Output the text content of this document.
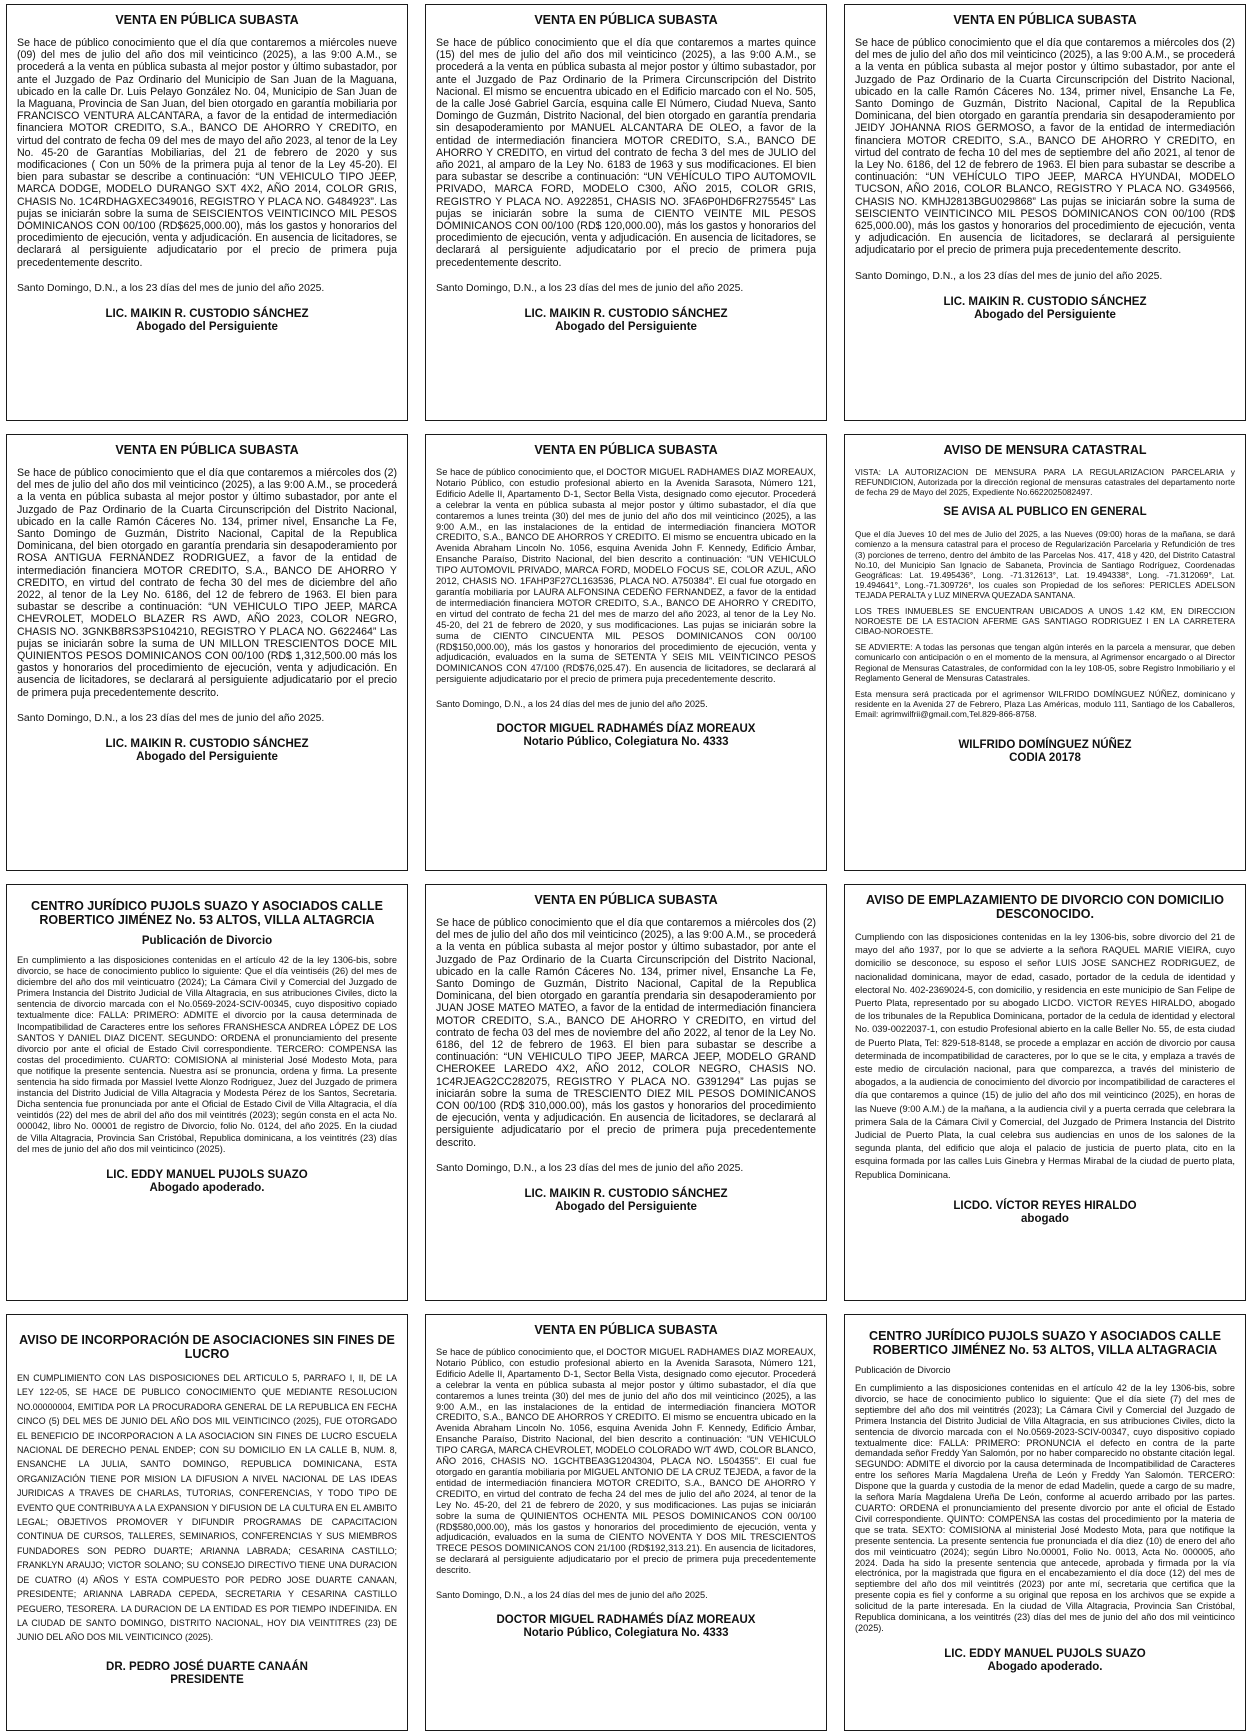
VENTA EN PÚBLICA SUBASTA

Se hace de público conocimiento que el día que contaremos a miércoles nueve (09) del mes de julio del año dos mil veinticinco (2025), a las 9:00 A.M., se procederá a la venta en pública subasta al mejor postor y último subastador, por ante el Juzgado de Paz Ordinario del Municipio de San Juan de la Maguana, ubicado en la calle Dr. Luis Pelayo González No. 04, Municipio de San Juan de la Maguana, Provincia de San Juan, del bien otorgado en garantía mobiliaria por FRANCISCO VENTURA ALCANTARA, a favor de la entidad de intermediación financiera MOTOR CREDITO, S.A., BANCO DE AHORRO Y CREDITO, en virtud del contrato de fecha 09 del mes de mayo del año 2023, al tenor de la Ley No. 45-20 de Garantías Mobiliarias, del 21 de febrero de 2020 y sus modificaciones ( Con un 50% de la primera puja al tenor de la Ley 45-20). El bien para subastar se describe a continuación: “UN VEHICULO TIPO JEEP, MARCA DODGE, MODELO DURANGO SXT 4X2, AÑO 2014, COLOR GRIS, CHASIS No. 1C4RDHAGXEC349016, REGISTRO Y PLACA NO. G484923”. Las pujas se iniciarán sobre la suma de SEISCIENTOS VEINTICINCO MIL PESOS DOMINICANOS CON 00/100 (RD$625,000.00), más los gastos y honorarios del procedimiento de ejecución, venta y adjudicación. En ausencia de licitadores, se declarará al persiguiente adjudicatario por el precio de primera puja precedentemente descrito.

Santo Domingo, D.N., a los 23 días del mes de junio del año 2025.
LIC. MAIKIN R. CUSTODIO SÁNCHEZ
Abogado del Persiguiente
VENTA EN PÚBLICA SUBASTA

Se hace de público conocimiento que el día que contaremos a martes quince (15) del mes de julio del año dos mil veinticinco (2025), a las 9:00 A.M., se procederá a la venta en pública subasta al mejor postor y último subastador, por ante el Juzgado de Paz Ordinario de la Primera Circunscripción del Distrito Nacional. El mismo se encuentra ubicado en el Edificio marcado con el No. 505, de la calle José Gabriel García, esquina calle El Número, Ciudad Nueva, Santo Domingo de Guzmán, Distrito Nacional, del bien otorgado en garantía prendaria sin desapoderamiento por MANUEL ALCANTARA DE OLEO, a favor de la entidad de intermediación financiera MOTOR CREDITO, S.A., BANCO DE AHORRO Y CREDITO, en virtud del contrato de fecha 3 del mes de JULIO del año 2021, al amparo de la Ley No. 6183 de 1963 y sus modificaciones. El bien para subastar se describe a continuación: “UN VEHÍCULO TIPO AUTOMOVIL PRIVADO, MARCA FORD, MODELO C300, AÑO 2015, COLOR GRIS, REGISTRO Y PLACA NO. A922851, CHASIS NO. 3FA6P0HD6FR275545” Las pujas se iniciarán sobre la suma de CIENTO VEINTE MIL PESOS DOMINICANOS CON 00/100 (RD$ 120,000.00), más los gastos y honorarios del procedimiento de ejecución, venta y adjudicación. En ausencia de licitadores, se declarará al persiguiente adjudicatario por el precio de primera puja precedentemente descrito.

Santo Domingo, D.N., a los 23 días del mes de junio del año 2025.
LIC. MAIKIN R. CUSTODIO SÁNCHEZ
Abogado del Persiguiente
VENTA EN PÚBLICA SUBASTA

Se hace de público conocimiento que el día que contaremos a miércoles dos (2) del mes de julio del año dos mil veinticinco (2025), a las 9:00 A.M., se procederá a la venta en pública subasta al mejor postor y último subastador, por ante el Juzgado de Paz Ordinario de la Cuarta Circunscripción del Distrito Nacional, ubicado en la calle Ramón Cáceres No. 134, primer nivel, Ensanche La Fe, Santo Domingo de Guzmán, Distrito Nacional, Capital de la Republica Dominicana, del bien otorgado en garantía prendaria sin desapoderamiento por JEIDY JOHANNA RIOS GERMOSO, a favor de la entidad de intermediación financiera MOTOR CREDITO, S.A., BANCO DE AHORRO Y CREDITO, en virtud del contrato de fecha 10 del mes de septiembre del año 2021, al tenor de la Ley No. 6186, del 12 de febrero de 1963. El bien para subastar se describe a continuación: “UN VEHÍCULO TIPO JEEP, MARCA HYUNDAI, MODELO TUCSON, AÑO 2016, COLOR BLANCO, REGISTRO Y PLACA NO. G349566, CHASIS NO. KMHJ2813BGU029868” Las pujas se iniciarán sobre la suma de SEISCIENTO VEINTICINCO MIL PESOS DOMINICANOS CON 00/100 (RD$ 625,000.00), más los gastos y honorarios del procedimiento de ejecución, venta y adjudicación. En ausencia de licitadores, se declarará al persiguiente adjudicatario por el precio de primera puja precedentemente descrito.

Santo Domingo, D.N., a los 23 días del mes de junio del año 2025.
LIC. MAIKIN R. CUSTODIO SÁNCHEZ
Abogado del Persiguiente
VENTA EN PÚBLICA SUBASTA

Se hace de público conocimiento que el día que contaremos a miércoles dos (2) del mes de julio del año dos mil veinticinco (2025), a las 9:00 A.M., se procederá a la venta en pública subasta al mejor postor y último subastador, por ante el Juzgado de Paz Ordinario de la Cuarta Circunscripción del Distrito Nacional, ubicado en la calle Ramón Cáceres No. 134, primer nivel, Ensanche La Fe, Santo Domingo de Guzmán, Distrito Nacional, Capital de la Republica Dominicana, del bien otorgado en garantía prendaria sin desapoderamiento por ROSA ANTIGUA FERNANDEZ RODRIGUEZ, a favor de la entidad de intermediación financiera MOTOR CREDITO, S.A., BANCO DE AHORRO Y CREDITO, en virtud del contrato de fecha 30 del mes de diciembre del año 2022, al tenor de la Ley No. 6186, del 12 de febrero de 1963. El bien para subastar se describe a continuación: “UN VEHICULO TIPO JEEP, MARCA CHEVROLET, MODELO BLAZER RS AWD, AÑO 2023, COLOR NEGRO, CHASIS NO. 3GNKB8RS3PS104210, REGISTRO Y PLACA NO. G622464” Las pujas se iniciarán sobre la suma de UN MILLON TRESCIENTOS DOCE MIL QUINIENTOS PESOS DOMINICANOS CON 00/100 (RD$ 1,312,500.00 más los gastos y honorarios del procedimiento de ejecución, venta y adjudicación. En ausencia de licitadores, se declarará al persiguiente adjudicatario por el precio de primera puja precedentemente descrito.

Santo Domingo, D.N., a los 23 días del mes de junio del año 2025.
LIC. MAIKIN R. CUSTODIO SÁNCHEZ
Abogado del Persiguiente
VENTA EN PÚBLICA SUBASTA

Se hace de público conocimiento que, el DOCTOR MIGUEL RADHAMES DIAZ MOREAUX, Notario Público, con estudio profesional abierto en la Avenida Sarasota, Número 121, Edificio Adelle II, Apartamento D-1, Sector Bella Vista, designado como ejecutor. Procederá a celebrar la venta en pública subasta al mejor postor y último subastador, el día que contaremos a lunes treinta (30) del mes de junio del año dos mil veinticinco (2025), a las 9:00 A.M., en las instalaciones de la entidad de intermediación financiera MOTOR CREDITO, S.A., BANCO DE AHORROS Y CREDITO. El mismo se encuentra ubicado en la Avenida Abraham Lincoln No. 1056, esquina Avenida John F. Kennedy, Edificio Ámbar, Ensanche Paraíso, Distrito Nacional, del bien descrito a continuación: “UN VEHICULO TIPO AUTOMOVIL PRIVADO, MARCA FORD, MODELO FOCUS SE, COLOR AZUL, AÑO 2012, CHASIS NO. 1FAHP3F27CL163536, PLACA NO. A750384”. El cual fue otorgado en garantía mobiliaria por LAURA ALFONSINA CEDEÑO FERNANDEZ, a favor de la entidad de intermediación financiera MOTOR CREDITO, S.A., BANCO DE AHORRO Y CREDITO, en virtud del contrato de fecha 21 del mes de marzo del año 2023, al tenor de la Ley No. 45-20, del 21 de febrero de 2020, y sus modificaciones. Las pujas se iniciarán sobre la suma de CIENTO CINCUENTA MIL PESOS DOMINICANOS CON 00/100 (RD$150,000.00), más los gastos y honorarios del procedimiento de ejecución, venta y adjudicación, evaluados en la suma de SETENTA Y SEIS MIL VEINTICINCO PESOS DOMINICANOS CON 47/100 (RD$76,025.47). En ausencia de licitadores, se declarará al persiguiente adjudicatario por el precio de primera puja precedentemente descrito.

Santo Domingo, D.N., a los 24 días del mes de junio del año 2025.
DOCTOR MIGUEL RADHAMÉS DÍAZ MOREAUX
Notario Público, Colegiatura No. 4333
AVISO DE MENSURA CATASTRAL

VISTA: LA AUTORIZACION DE MENSURA PARA LA REGULARIZACION PARCELARIA y REFUNDICION, Autorizada por la dirección regional de mensuras catastrales del departamento norte de fecha 29 de Mayo del 2025, Expediente No.6622025082497.

SE AVISA AL PUBLICO EN GENERAL

Que el día Jueves 10 del mes de Julio del 2025, a las Nueves (09:00) horas de la mañana, se dará comienzo a la mensura catastral para el proceso de Regularización Parcelaria y Refundición de tres (3) porciones de terreno, dentro del ámbito de las Parcelas Nos. 417, 418 y 420, del Distrito Catastral No.10, del Municipio San Ignacio de Sabaneta, Provincia de Santiago Rodríguez, Coordenadas Geográficas: Lat. 19.495436°, Long. -71.312613°, Lat. 19.494338°, Long. -71.312069°, Lat. 19.494641°, Long.-71.309726°, los cuales son Propiedad de los señores: PERICLES ADELSON TEJADA PERALTA y LUZ MINERVA QUEZADA SANTANA.

LOS TRES INMUEBLES SE ENCUENTRAN UBICADOS A UNOS 1.42 KM, EN DIRECCION NOROESTE DE LA ESTACION AFERME GAS SANTIAGO RODRIGUEZ I EN LA CARRETERA CIBAO-NOROESTE.

SE ADVIERTE: A todas las personas que tengan algún interés en la parcela a mensurar, que deben comunicarlo con anticipación o en el momento de la mensura, al Agrimensor encargado o al Director Regional de Mensuras Catastrales, de conformidad con la ley 108-05, sobre Registro Inmobiliario y el Reglamento General de Mensuras Catastrales.

Esta mensura será practicada por el agrimensor WILFRIDO DOMÍNGUEZ NÚÑEZ, dominicano y residente en la Avenida 27 de Febrero, Plaza Las Américas, modulo 111, Santiago de los Caballeros, Email: agrimwilfrii@gmail.com,Tel.829-866-8758.

WILFRIDO DOMÍNGUEZ NÚÑEZ
CODIA 20178
CENTRO JURÍDICO PUJOLS SUAZO Y ASOCIADOS CALLE ROBERTICO JIMÉNEZ No. 53 ALTOS, VILLA ALTAGRCIA
Publicación de Divorcio

En cumplimiento a las disposiciones contenidas en el artículo 42 de la ley 1306-bis, sobre divorcio, se hace de conocimiento publico lo siguiente: Que el día veintiséis (26) del mes de diciembre del año dos mil veinticuatro (2024); La Cámara Civil y Comercial del Juzgado de Primera Instancia del Distrito Judicial de Villa Altagracia, en sus atribuciones Civiles, dicto la sentencia de divorcio marcada con el No.0569-2024-SCIV-00345, cuyo dispositivo copiado textualmente dice: FALLA: PRIMERO: ADMITE el divorcio por la causa determinada de Incompatibilidad de Caracteres entre los señores FRANSHESCA ANDREA LÓPEZ DE LOS SANTOS Y DANIEL DIAZ DICENT. SEGUNDO: ORDENA el pronunciamiento del presente divorcio por ante el oficial de Estado Civil correspondiente. TERCERO: COMPENSA las costas del procedimiento. CUARTO: COMISIONA al ministerial José Modesto Mota, para que notifique la presente sentencia. Nuestra así se pronuncia, ordena y firma. La presente sentencia ha sido firmada por Massiel Ivette Alonzo Rodriguez, Juez del Juzgado de primera instancia del Distrito Judicial de Villa Altagracia y Modesta Pérez de los Santos, Secretaria. Dicha sentencia fue pronunciada por ante el Oficial de Estado Civil de Villa Altagracia, el día veintidós (22) del mes de abril del año dos mil veintitrés (2023); según consta en el acta No. 000042, libro No. 00001 de registro de Divorcio, folio No. 0124, del año 2025. En la ciudad de Villa Altagracia, Provincia San Cristóbal, Republica dominicana, a los veintitrés (23) días del mes de junio del año dos mil veinticinco (2025).

LIC. EDDY MANUEL PUJOLS SUAZO
Abogado apoderado.
VENTA EN PÚBLICA SUBASTA

Se hace de público conocimiento que el día que contaremos a miércoles dos (2) del mes de julio del año dos mil veinticinco (2025), a las 9:00 A.M., se procederá a la venta en pública subasta al mejor postor y último subastador, por ante el Juzgado de Paz Ordinario de la Cuarta Circunscripción del Distrito Nacional, ubicado en la calle Ramón Cáceres No. 134, primer nivel, Ensanche La Fe, Santo Domingo de Guzmán, Distrito Nacional, Capital de la Republica Dominicana, del bien otorgado en garantía prendaria sin desapoderamiento por JUAN JOSE MATEO MATEO, a favor de la entidad de intermediación financiera MOTOR CREDITO, S.A., BANCO DE AHORRO Y CREDITO, en virtud del contrato de fecha 03 del mes de noviembre del año 2022, al tenor de la Ley No. 6186, del 12 de febrero de 1963. El bien para subastar se describe a continuación: “UN VEHICULO TIPO JEEP, MARCA JEEP, MODELO GRAND CHEROKEE LAREDO 4X2, AÑO 2012, COLOR NEGRO, CHASIS NO. 1C4RJEAG2CC282075, REGISTRO Y PLACA NO. G391294” Las pujas se iniciarán sobre la suma de TRESCIENTO DIEZ MIL PESOS DOMINICANOS CON 00/100 (RD$ 310,000.00), más los gastos y honorarios del procedimiento de ejecución, venta y adjudicación. En ausencia de licitadores, se declarará al persiguiente adjudicatario por el precio de primera puja precedentemente descrito.

Santo Domingo, D.N., a los 23 días del mes de junio del año 2025.
LIC. MAIKIN R. CUSTODIO SÁNCHEZ
Abogado del Persiguiente
AVISO DE EMPLAZAMIENTO DE DIVORCIO CON DOMICILIO DESCONOCIDO.

Cumpliendo con las disposiciones contenidas en la ley 1306-bis, sobre divorcio del 21 de mayo del año 1937, por lo que se advierte a la señora RAQUEL MARIE VIEIRA, cuyo domicilio se desconoce, su esposo el señor LUIS JOSE SANCHEZ RODRIGUEZ, de nacionalidad dominicana, mayor de edad, casado, portador de la cedula de identidad y electoral No. 402-2369024-5, con domicilio, y residencia en este municipio de San Felipe de Puerto Plata, representado por su abogado LICDO. VICTOR REYES HIRALDO, abogado de los tribunales de la Republica Dominicana, portador de la cedula de identidad y electoral No. 039-0022037-1, con estudio Profesional abierto en la calle Beller No. 55, de esta ciudad de Puerto Plata, Tel: 829-518-8148, se procede a emplazar en acción de divorcio por causa determinada de incompatibilidad de caracteres, por lo que se le cita, y emplaza a través de este medio de circulación nacional, para que comparezca, a través del ministerio de abogados, a la audiencia de conocimiento del divorcio por incompatibilidad de caracteres el día que contaremos a quince (15) de julio del año dos mil veinticinco (2025), en horas de las Nueve (9:00 A.M.) de la mañana, a la audiencia civil y a puerta cerrada que celebrara la primera Sala de la Cámara Civil y Comercial, del Juzgado de Primera Instancia del Distrito Judicial de Puerto Plata, la cual celebra sus audiencias en unos de los salones de la segunda planta, del edificio que aloja el palacio de justicia de puerto plata, cito en la esquina formada por las calles Luis Ginebra y Hermas Mirabal de la ciudad de puerto plata, Republica Dominicana.

LICDO. VÍCTOR REYES HIRALDO
abogado
AVISO DE INCORPORACIÓN DE ASOCIACIONES SIN FINES DE LUCRO

EN CUMPLIMIENTO CON LAS DISPOSICIONES DEL ARTICULO 5, PARRAFO I, II, DE LA LEY 122-05, SE HACE DE PUBLICO CONOCIMIENTO QUE MEDIANTE RESOLUCION NO.00000004, EMITIDA POR LA PROCURADORA GENERAL DE LA REPUBLICA EN FECHA CINCO (5) DEL MES DE JUNIO DEL AÑO DOS MIL VEINTICINCO (2025), FUE OTORGADO EL BENEFICIO DE INCORPORACION A LA ASOCIACION SIN FINES DE LUCRO ESCUELA NACIONAL DE DERECHO PENAL ENDEP; CON SU DOMICILIO EN LA CALLE B, NUM. 8, ENSANCHE LA JULIA, SANTO DOMINGO, REPUBLICA DOMINICANA, ESTA ORGANIZACIÓN TIENE POR MISION LA DIFUSION A NIVEL NACIONAL DE LAS IDEAS JURIDICAS A TRAVES DE CHARLAS, TUTORIAS, CONFERENCIAS, Y TODO TIPO DE EVENTO QUE CONTRIBUYA A LA EXPANSION Y DIFUSION DE LA CULTURA EN EL AMBITO LEGAL; OBJETIVOS PROMOVER Y DIFUNDIR PROGRAMAS DE CAPACITACION CONTINUA DE CURSOS, TALLERES, SEMINARIOS, CONFERENCIAS Y SUS MIEMBROS FUNDADORES SON PEDRO DUARTE; ARIANNA LABRADA; CESARINA CASTILLO; FRANKLYN ARAUJO; VICTOR SOLANO; SU CONSEJO DIRECTIVO TIENE UNA DURACION DE CUATRO (4) AÑOS Y ESTA COMPUESTO POR PEDRO JOSE DUARTE CANAAN, PRESIDENTE; ARIANNA LABRADA CEPEDA, SECRETARIA Y CESARINA CASTILLO PEGUERO, TESORERA. LA DURACION DE LA ENTIDAD ES POR TIEMPO INDEFINIDA. EN LA CIUDAD DE SANTO DOMINGO, DISTRITO NACIONAL, HOY DIA VEINTITRES (23) DE JUNIO DEL AÑO DOS MIL VEINTICINCO (2025).

DR. PEDRO JOSÉ DUARTE CANAÁN
PRESIDENTE
VENTA EN PÚBLICA SUBASTA

Se hace de público conocimiento que, el DOCTOR MIGUEL RADHAMES DIAZ MOREAUX, Notario Público, con estudio profesional abierto en la Avenida Sarasota, Número 121, Edificio Adelle II, Apartamento D-1, Sector Bella Vista, designado como ejecutor. Procederá a celebrar la venta en pública subasta al mejor postor y último subastador, el día que contaremos a lunes treinta (30) del mes de junio del año dos mil veinticinco (2025), a las 9:00 A.M., en las instalaciones de la entidad de intermediación financiera MOTOR CREDITO, S.A., BANCO DE AHORROS Y CREDITO. El mismo se encuentra ubicado en la Avenida Abraham Lincoln No. 1056, esquina Avenida John F. Kennedy, Edificio Ámbar, Ensanche Paraíso, Distrito Nacional, del bien descrito a continuación: “UN VEHICULO TIPO CARGA, MARCA CHEVROLET, MODELO COLORADO W/T 4WD, COLOR BLANCO, AÑO 2016, CHASIS NO. 1GCHTBEA3G1204304, PLACA NO. L504355”. El cual fue otorgado en garantía mobiliaria por MIGUEL ANTONIO DE LA CRUZ TEJEDA, a favor de la entidad de intermediación financiera MOTOR CREDITO, S.A., BANCO DE AHORRO Y CREDITO, en virtud del contrato de fecha 24 del mes de julio del año 2024, al tenor de la Ley No. 45-20, del 21 de febrero de 2020, y sus modificaciones. Las pujas se iniciarán sobre la suma de QUINIENTOS OCHENTA MIL PESOS DOMINICANOS CON 00/100 (RD$580,000.00), más los gastos y honorarios del procedimiento de ejecución, venta y adjudicación, evaluados en la suma de CIENTO NOVENTA Y DOS MIL TRESCIENTOS TRECE PESOS DOMINICANOS CON 21/100 (RD$192,313.21). En ausencia de licitadores, se declarará al persiguiente adjudicatario por el precio de primera puja precedentemente descrito.

Santo Domingo, D.N., a los 24 días del mes de junio del año 2025.
DOCTOR MIGUEL RADHAMÉS DÍAZ MOREAUX
Notario Público, Colegiatura No. 4333
CENTRO JURÍDICO PUJOLS SUAZO Y ASOCIADOS CALLE ROBERTICO JIMÉNEZ No. 53 ALTOS, VILLA ALTAGRACIA
Publicación de Divorcio

En cumplimiento a las disposiciones contenidas en el artículo 42 de la ley 1306-bis, sobre divorcio, se hace de conocimiento publico lo siguiente: Que el día siete (7) del mes de septiembre del año dos mil veintitrés (2023); La Cámara Civil y Comercial del Juzgado de Primera Instancia del Distrito Judicial de Villa Altagracia, en sus atribuciones Civiles, dicto la sentencia de divorcio marcada con el No.0569-2023-SCIV-00347, cuyo dispositivo copiado textualmente dice: FALLA: PRIMERO: PRONUNCIA el defecto en contra de la parte demandada señor Freddy Yan Salomón, por no haber comparecido no obstante citación legal. SEGUNDO: ADMITE el divorcio por la causa determinada de Incompatibilidad de Caracteres entre los señores María Magdalena Ureña de León y Freddy Yan Salomón. TERCERO: Dispone que la guarda y custodia de la menor de edad Madelin, quede a cargo de su madre, la señora María Magdalena Ureña De León, conforme al acuerdo arribado por las partes. CUARTO: ORDENA el pronunciamiento del presente divorcio por ante el oficial de Estado Civil correspondiente. QUINTO: COMPENSA las costas del procedimiento por la materia de que se trata. SEXTO: COMISIONA al ministerial José Modesto Mota, para que notifique la presente sentencia. La presente sentencia fue pronunciada el día diez (10) de enero del año dos mil veinticuatro (2024); según Libro No.00001, Folio No. 0013, Acta No. 000005, año 2024. Dada ha sido la presente sentencia que antecede, aprobada y firmada por la vía electrónica, por la magistrada que figura en el encabezamiento el día doce (12) del mes de septiembre del año dos mil veintitrés (2023) por ante mí, secretaria que certifica que la presente copia es fiel y conforme a su original que reposa en los archivos que se expide a solicitud de la parte interesada. En la ciudad de Villa Altagracia, Provincia San Cristóbal, Republica dominicana, a los veintitrés (23) días del mes de junio del año dos mil veinticinco (2025).

LIC. EDDY MANUEL PUJOLS SUAZO
Abogado apoderado.
